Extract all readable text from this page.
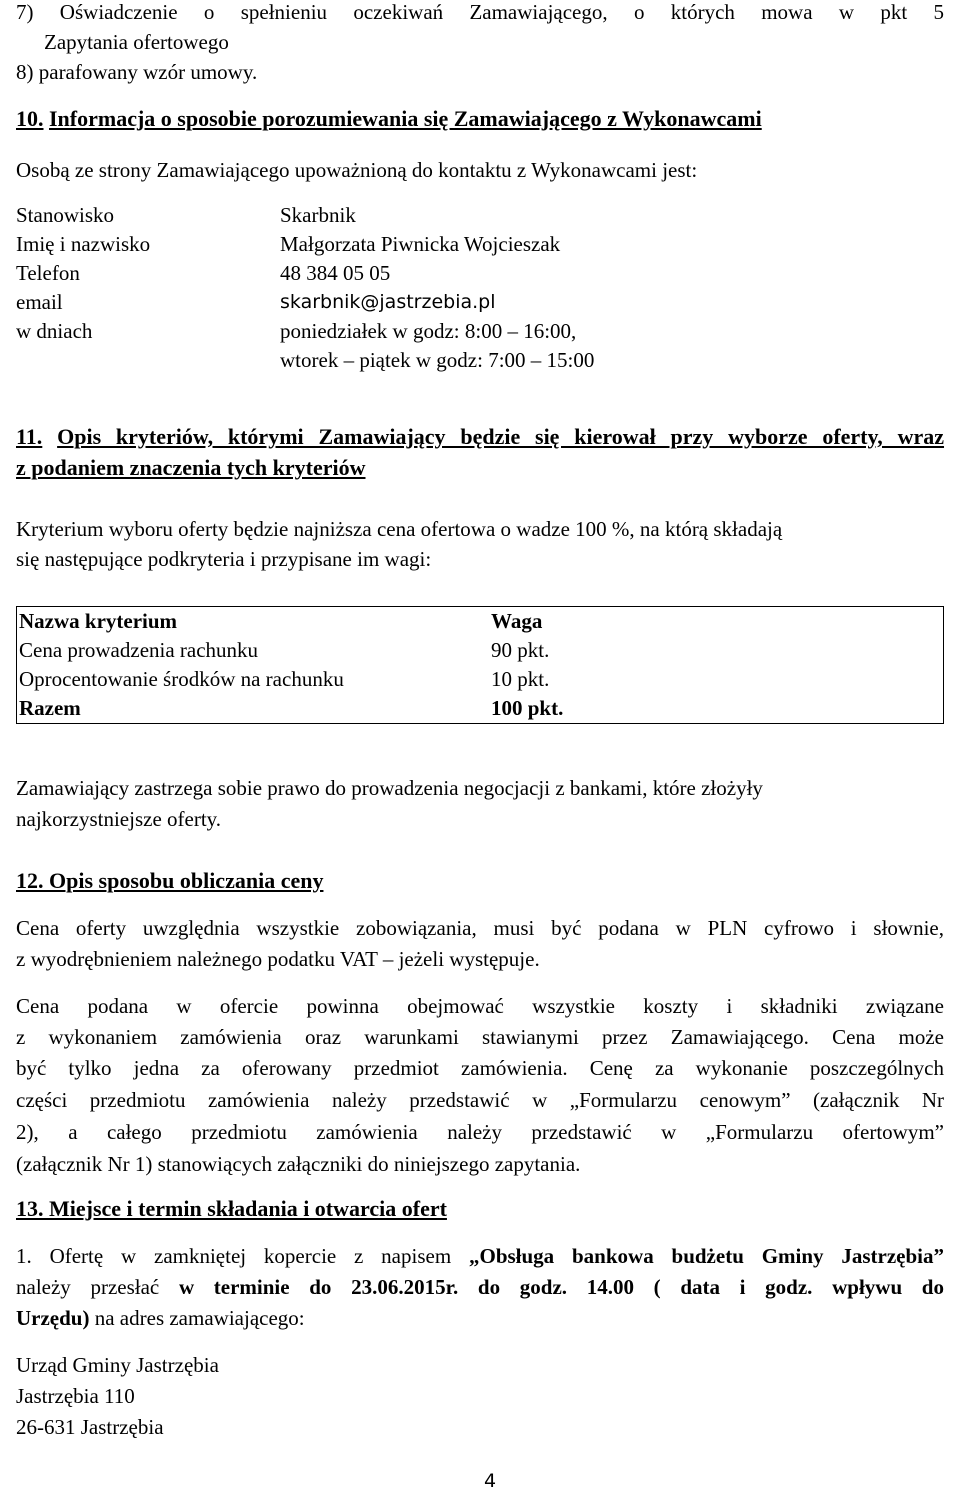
7) Oświadczenie o spełnieniu oczekiwań Zamawiającego, o których mowa w pkt 5
Zapytania ofertowego
8) parafowany wzór umowy.
10. Informacja o sposobie porozumiewania się Zamawiającego z Wykonawcami
Osobą ze strony Zamawiającego upoważnioną do kontaktu z Wykonawcami jest:
Stanowisko	Skarbnik
Imię i nazwisko	Małgorzata Piwnicka Wojcieszak
Telefon	48 384 05 05
email	skarbnik@jastrzebia.pl
w dniach	poniedziałek w godz: 8:00 – 16:00,
wtorek – piątek w godz: 7:00 – 15:00
11. Opis kryteriów, którymi Zamawiający będzie się kierował przy wyborze oferty, wraz
z podaniem znaczenia tych kryteriów
Kryterium wyboru oferty będzie najniższa cena ofertowa o wadze 100 %, na którą składają
się następujące podkryteria i przypisane im wagi:
Nazwa kryterium	Waga
Cena prowadzenia rachunku	90 pkt.
Oprocentowanie środków na rachunku	10 pkt.
Razem	100 pkt.
Zamawiający zastrzega sobie prawo do prowadzenia negocjacji z bankami, które złożyły
najkorzystniejsze oferty.
12. Opis sposobu obliczania ceny
Cena oferty uwzględnia wszystkie zobowiązania, musi być podana w PLN cyfrowo i słownie,
z wyodrębnieniem należnego podatku VAT – jeżeli występuje.
Cena podana w ofercie powinna obejmować wszystkie koszty i składniki związane
z wykonaniem zamówienia oraz warunkami stawianymi przez Zamawiającego. Cena może
być tylko jedna za oferowany przedmiot zamówienia. Cenę za wykonanie poszczególnych
części przedmiotu zamówienia należy przedstawić w „Formularzu cenowym” (załącznik Nr
2), a całego przedmiotu zamówienia należy przedstawić w „Formularzu ofertowym”
(załącznik Nr 1) stanowiących załączniki do niniejszego zapytania.
13. Miejsce i termin składania i otwarcia ofert
1. Ofertę w zamkniętej kopercie z napisem „Obsługa bankowa budżetu Gminy Jastrzębia”
należy przesłać w terminie do 23.06.2015r. do godz. 14.00 ( data i godz. wpływu do
Urzędu) na adres zamawiającego:
Urząd Gminy Jastrzębia
Jastrzębia 110
26-631 Jastrzębia
4
